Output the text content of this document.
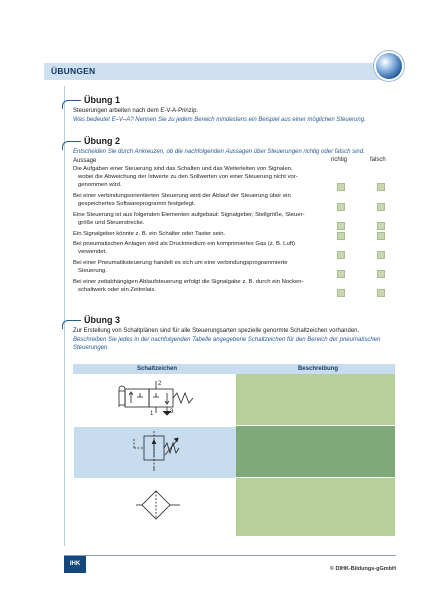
ÜBUNGEN
Übung 1
Steuerungen arbeiten nach dem E-V-A-Prinzip.
Was bedeutet E–V–A? Nennen Sie zu jedem Bereich mindestens ein Beispiel aus einer möglichen Steuerung.
Übung 2
Entscheiden Sie durch Ankreuzen, ob die nachfolgenden Aussagen über Steuerungen richtig oder falsch sind.
Aussage	richtig	falsch
Die Aufgaben einer Steuerung sind das Schalten und das Weiterleiten von Signalen,

wobei die Abweichung der Istwerte zu den Sollwerten von einer Steuerung nicht vor-
genommen wird.
Bei einer verbindungsorientierten Steuerung wird der Ablauf der Steuerung über ein

gespeichertes Softwareprogramm festgelegt.
Eine Steuerung ist aus folgenden Elementen aufgebaut: Signalgeber, Stellgröße, Steuer-

größe und Steuerstrecke.
Ein Signalgeber könnte z. B. ein Schalter oder Taster sein.
Bei pneumatischen Anlagen wird als Druckmedium ein komprimiertes Gas (z. B. Luft)

verwendet.
Bei einer Pneumatiksteuerung handelt es sich um eine verbindungsprogrammierte

Steuerung.
Bei einer zeitabhängigen Ablaufsteuerung erfolgt die Signalgabe z. B. durch ein Nocken-

schaltwerk oder ein Zeitrelais.
Übung 3
Zur Erstellung von Schaltplänen sind für alle Steuerungsarten spezielle genormte Schaltzeichen vorhanden.
Beschreiben Sie jedes in der nachfolgenden Tabelle angegebene Schaltzeichen für den Bereich der pneumatischen
Steuerungen.
Schaltzeichen	Beschreibung
2
1	3
IHK
© DIHK-Bildungs-gGmbH
